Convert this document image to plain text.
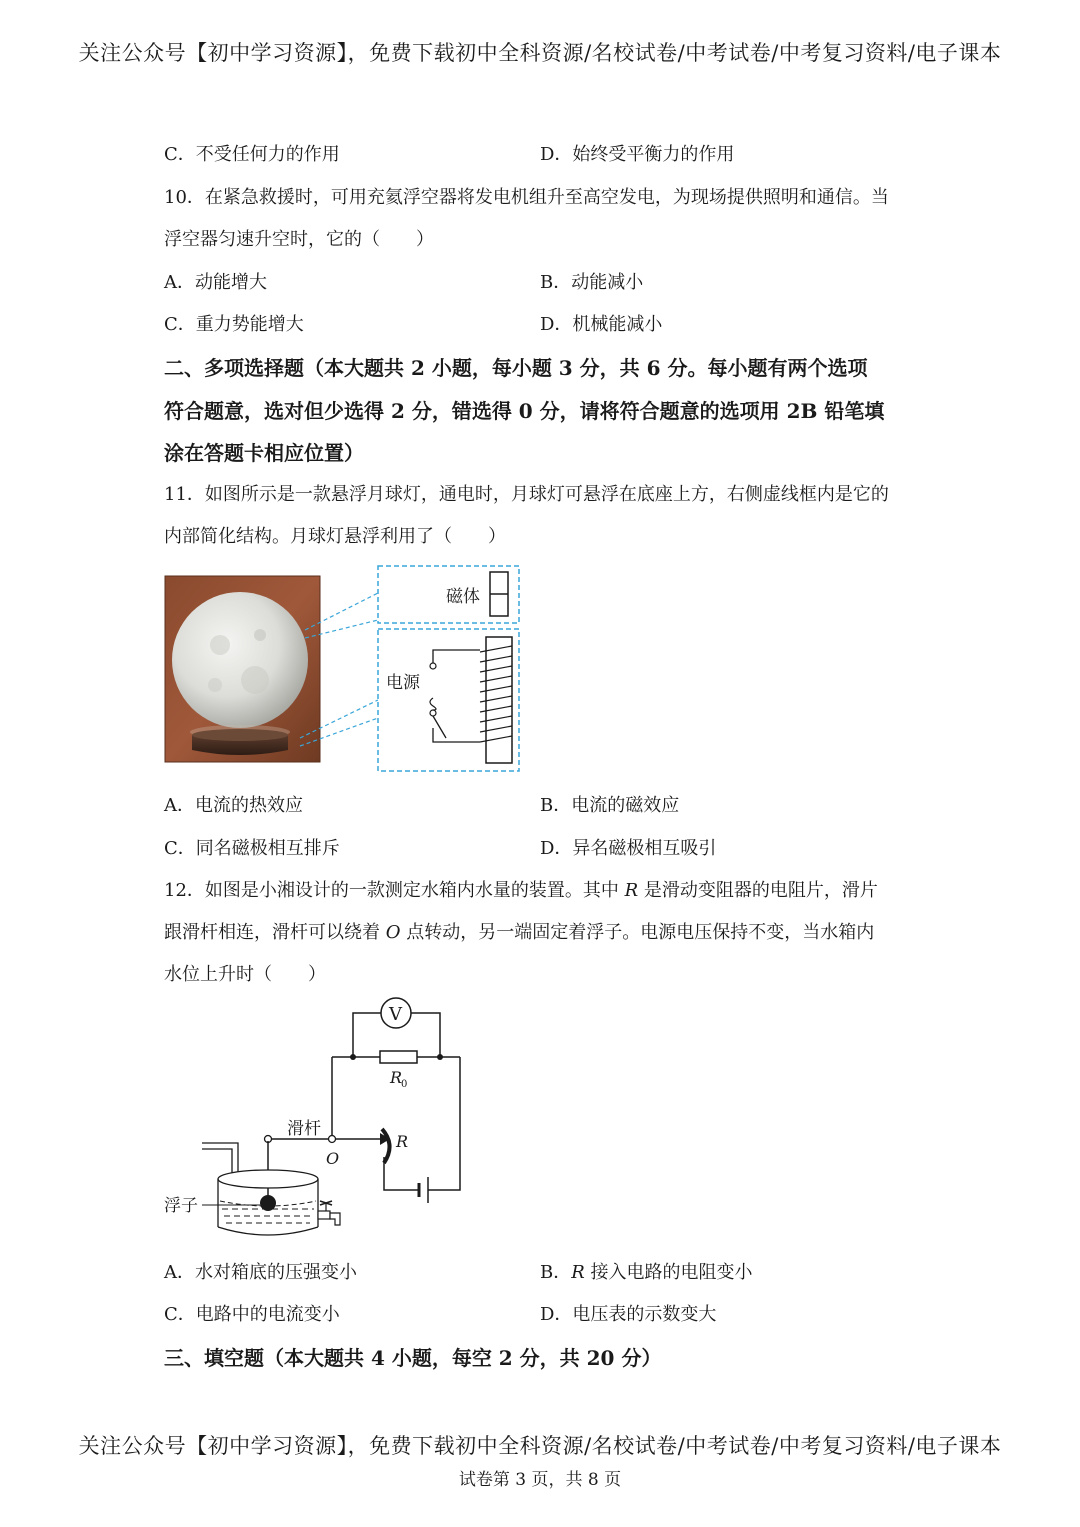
关注公众号【初中学习资源】，免费下载初中全科资源/名校试卷/中考试卷/中考复习资料/电子课本
C．不受任何力的作用	D．始终受平衡力的作用
10．在紧急救援时，可用充氦浮空器将发电机组升至高空发电，为现场提供照明和通信。当
浮空器匀速升空时，它的（　　）
A．动能增大	B．动能减小
C．重力势能增大	D．机械能减小
二、多项选择题（本大题共 2 小题，每小题 3 分，共 6 分。每小题有两个选项
符合题意，选对但少选得 2 分，错选得 0 分，请将符合题意的选项用 2B 铅笔填
涂在答题卡相应位置）
11．如图所示是一款悬浮月球灯，通电时，月球灯可悬浮在底座上方，右侧虚线框内是它的
内部简化结构。月球灯悬浮利用了（　　）
磁体
电源
A．电流的热效应	B．电流的磁效应
C．同名磁极相互排斥	D．异名磁极相互吸引
12．如图是小湘设计的一款测定水箱内水量的装置。其中 R 是滑动变阻器的电阻片，滑片
跟滑杆相连，滑杆可以绕着 O 点转动，另一端固定着浮子。电源电压保持不变，当水箱内
水位上升时（　　）
V
R
0
R
滑杆
O
浮子
A．水对箱底的压强变小	B．R 接入电路的电阻变小
C．电路中的电流变小	D．电压表的示数变大
三、填空题（本大题共 4 小题，每空 2 分，共 20 分）
关注公众号【初中学习资源】，免费下载初中全科资源/名校试卷/中考试卷/中考复习资料/电子课本
试卷第 3 页，共 8 页
